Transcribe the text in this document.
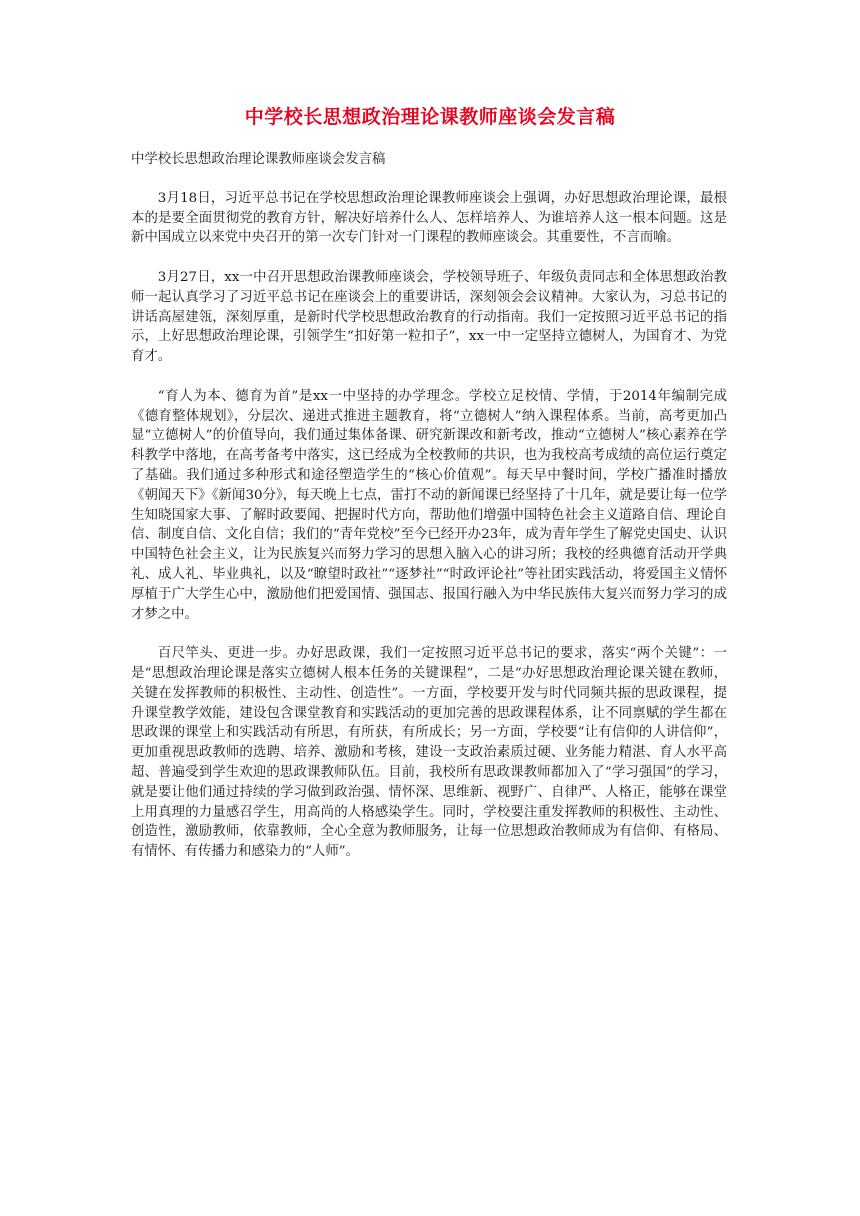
中学校长思想政治理论课教师座谈会发言稿

中学校长思想政治理论课教师座谈会发言稿

3月18日，习近平总书记在学校思想政治理论课教师座谈会上强调，办好思想政治理论课，最根本的是要全面贯彻党的教育方针，解决好培养什么人、怎样培养人、为谁培养人这一根本问题。这是新中国成立以来党中央召开的第一次专门针对一门课程的教师座谈会。其重要性，不言而喻。

3月27日，xx一中召开思想政治课教师座谈会，学校领导班子、年级负责同志和全体思想政治教师一起认真学习了习近平总书记在座谈会上的重要讲话，深刻领会会议精神。大家认为，习总书记的讲话高屋建瓴，深刻厚重，是新时代学校思想政治教育的行动指南。我们一定按照习近平总书记的指示，上好思想政治理论课，引领学生“扣好第一粒扣子”，xx一中一定坚持立德树人，为国育才、为党育才。

“育人为本、德育为首”是xx一中坚持的办学理念。学校立足校情、学情，于2014年编制完成《德育整体规划》，分层次、递进式推进主题教育，将“立德树人”纳入课程体系。当前，高考更加凸显“立德树人”的价值导向，我们通过集体备课、研究新课改和新考改，推动“立德树人”核心素养在学科教学中落地，在高考备考中落实，这已经成为全校教师的共识，也为我校高考成绩的高位运行奠定了基础。我们通过多种形式和途径塑造学生的“核心价值观”。每天早中餐时间，学校广播准时播放《朝闻天下》《新闻30分》，每天晚上七点，雷打不动的新闻课已经坚持了十几年，就是要让每一位学生知晓国家大事、了解时政要闻、把握时代方向，帮助他们增强中国特色社会主义道路自信、理论自信、制度自信、文化自信；我们的“青年党校”至今已经开办23年，成为青年学生了解党史国史、认识中国特色社会主义，让为民族复兴而努力学习的思想入脑入心的讲习所；我校的经典德育活动开学典礼、成人礼、毕业典礼，以及“瞭望时政社”“逐梦社”“时政评论社”等社团实践活动，将爱国主义情怀厚植于广大学生心中，激励他们把爱国情、强国志、报国行融入为中华民族伟大复兴而努力学习的成才梦之中。

百尺竿头、更进一步。办好思政课，我们一定按照习近平总书记的要求，落实“两个关键”：一是“思想政治理论课是落实立德树人根本任务的关键课程”，二是“办好思想政治理论课关键在教师，关键在发挥教师的积极性、主动性、创造性”。一方面，学校要开发与时代同频共振的思政课程，提升课堂教学效能，建设包含课堂教育和实践活动的更加完善的思政课程体系，让不同禀赋的学生都在思政课的课堂上和实践活动有所思，有所获，有所成长；另一方面，学校要“让有信仰的人讲信仰”，更加重视思政教师的选聘、培养、激励和考核，建设一支政治素质过硬、业务能力精湛、育人水平高超、普遍受到学生欢迎的思政课教师队伍。目前，我校所有思政课教师都加入了“学习强国”的学习，就是要让他们通过持续的学习做到政治强、情怀深、思维新、视野广、自律严、人格正，能够在课堂上用真理的力量感召学生，用高尚的人格感染学生。同时，学校要注重发挥教师的积极性、主动性、创造性，激励教师，依靠教师，全心全意为教师服务，让每一位思想政治教师成为有信仰、有格局、有情怀、有传播力和感染力的“人师”。
